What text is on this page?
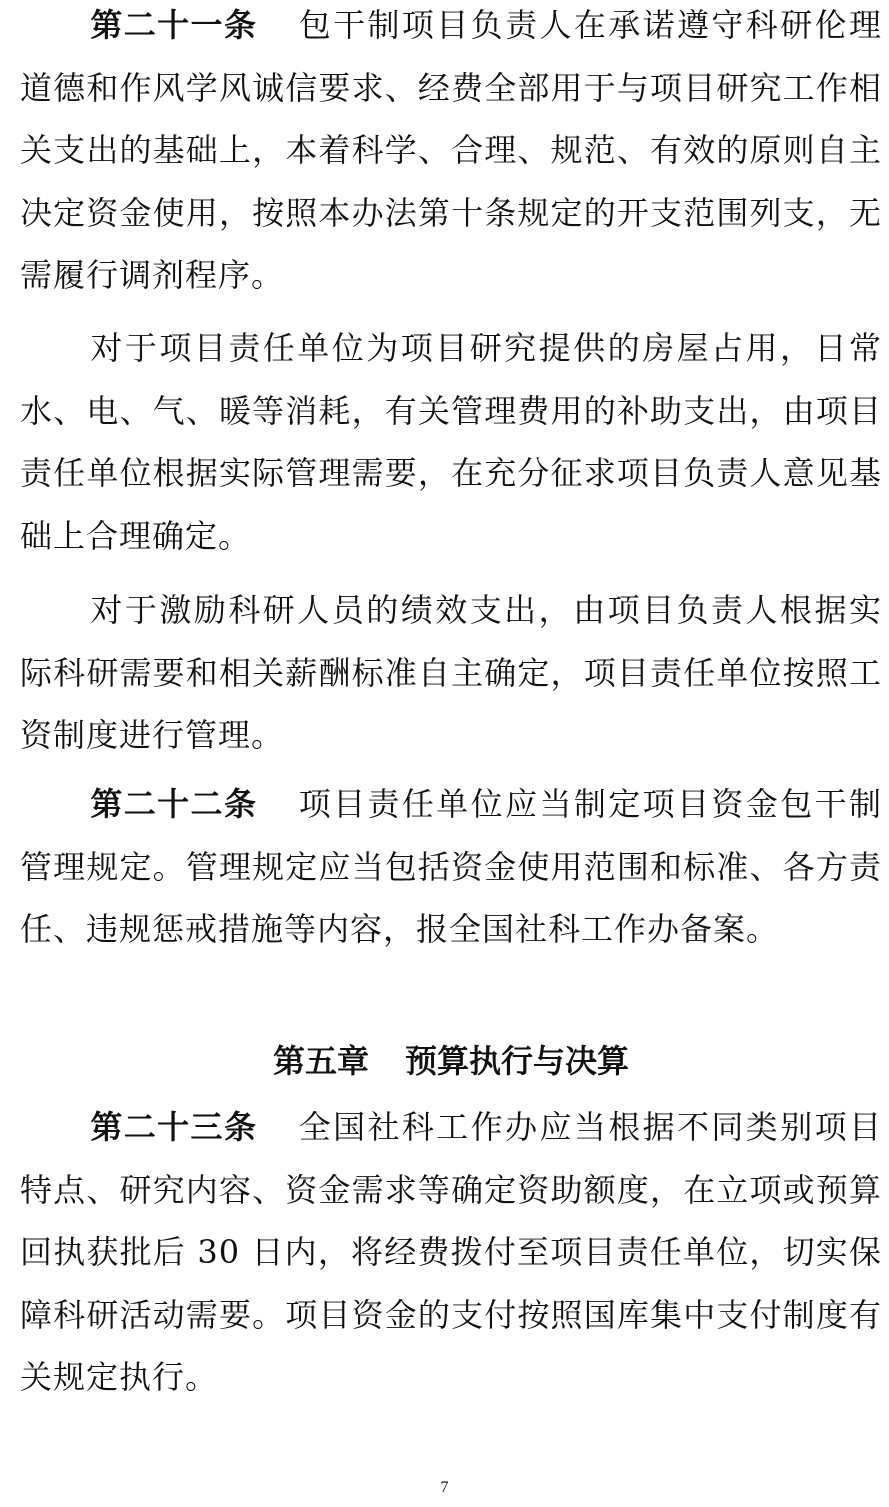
第二十一条 包干制项目负责人在承诺遵守科研伦理道德和作风学风诚信要求、经费全部用于与项目研究工作相关支出的基础上，本着科学、合理、规范、有效的原则自主决定资金使用，按照本办法第十条规定的开支范围列支，无需履行调剂程序。

对于项目责任单位为项目研究提供的房屋占用，日常水、电、气、暖等消耗，有关管理费用的补助支出，由项目责任单位根据实际管理需要，在充分征求项目负责人意见基础上合理确定。

对于激励科研人员的绩效支出，由项目负责人根据实际科研需要和相关薪酬标准自主确定，项目责任单位按照工资制度进行管理。

第二十二条 项目责任单位应当制定项目资金包干制管理规定。管理规定应当包括资金使用范围和标准、各方责任、违规惩戒措施等内容，报全国社科工作办备案。

第五章 预算执行与决算

第二十三条 全国社科工作办应当根据不同类别项目特点、研究内容、资金需求等确定资助额度，在立项或预算回执获批后 30 日内，将经费拨付至项目责任单位，切实保障科研活动需要。项目资金的支付按照国库集中支付制度有关规定执行。

7
